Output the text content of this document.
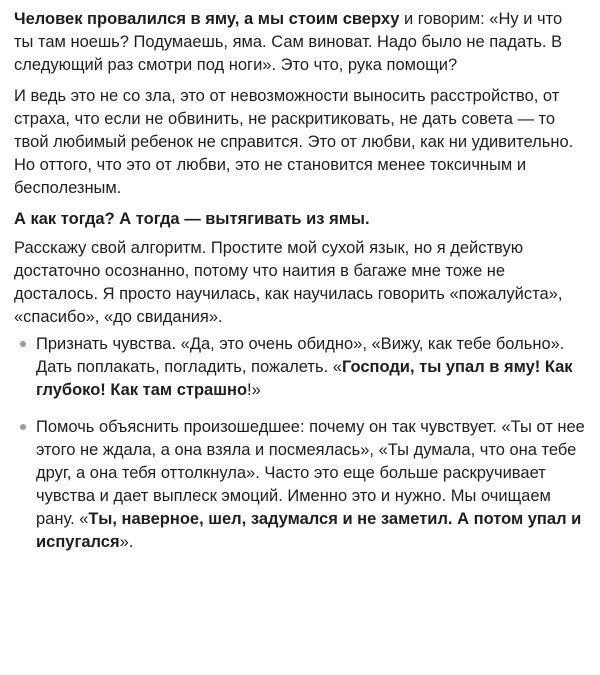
Человек провалился в яму, а мы стоим сверху и говорим: «Ну и что ты там ноешь? Подумаешь, яма. Сам виноват. Надо было не падать. В следующий раз смотри под ноги». Это что, рука помощи?

И ведь это не со зла, это от невозможности выносить расстройство, от страха, что если не обвинить, не раскритиковать, не дать совета — то твой любимый ребенок не справится. Это от любви, как ни удивительно. Но оттого, что это от любви, это не становится менее токсичным и бесполезным.

А как тогда? А тогда — вытягивать из ямы.

Расскажу свой алгоритм. Простите мой сухой язык, но я действую достаточно осознанно, потому что наития в багаже мне тоже не досталось. Я просто научилась, как научилась говорить «пожалуйста», «спасибо», «до свидания».

Признать чувства. «Да, это очень обидно», «Вижу, как тебе больно». Дать поплакать, погладить, пожалеть. «Господи, ты упал в яму! Как глубоко! Как там страшно!»
Помочь объяснить произошедшее: почему он так чувствует. «Ты от нее этого не ждала, а она взяла и посмеялась», «Ты думала, что она тебе друг, а она тебя оттолкнула». Часто это еще больше раскручивает чувства и дает выплеск эмоций. Именно это и нужно. Мы очищаем рану. «Ты, наверное, шел, задумался и не заметил. А потом упал и испугался».
